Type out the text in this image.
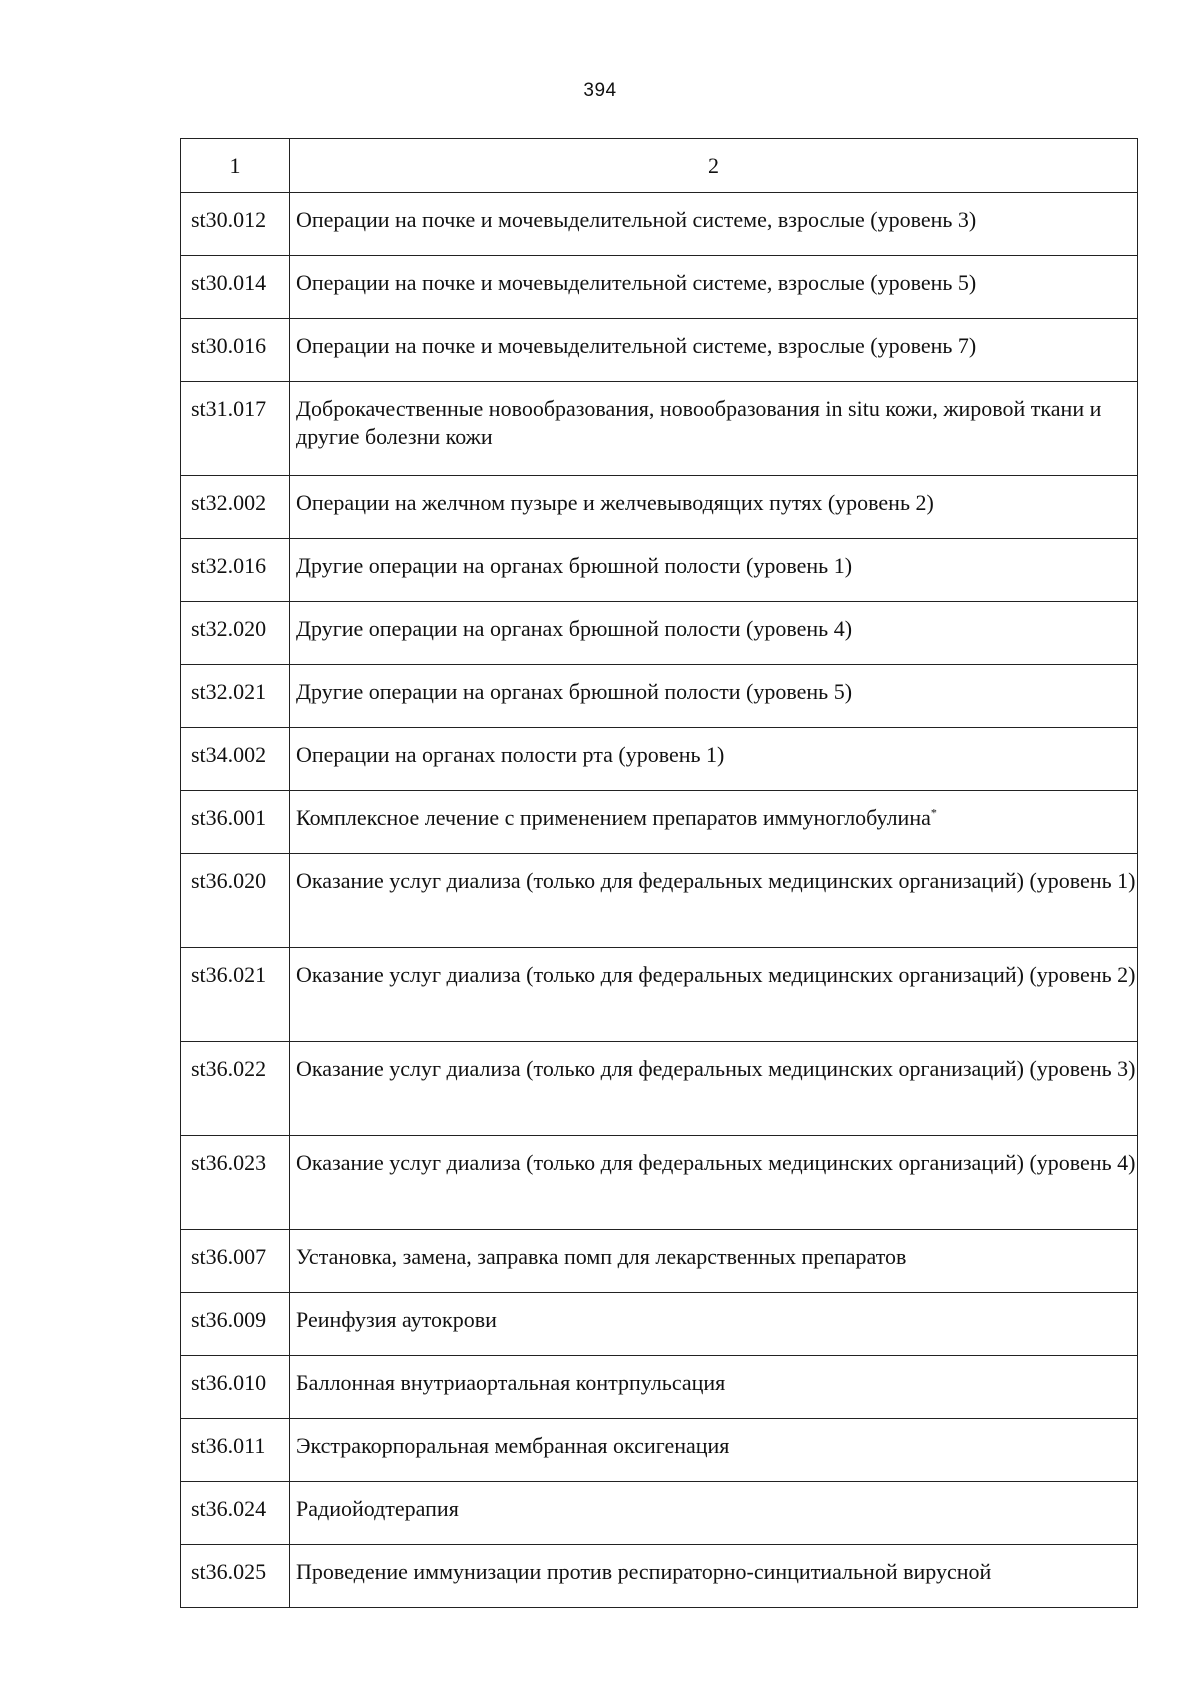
394
1	2
st30.012	Операции на почке и мочевыделительной системе, взрослые (уровень 3)
st30.014	Операции на почке и мочевыделительной системе, взрослые (уровень 5)
st30.016	Операции на почке и мочевыделительной системе, взрослые (уровень 7)
st31.017	Доброкачественные новообразования, новообразования in situ кожи, жировой ткани и другие болезни кожи
st32.002	Операции на желчном пузыре и желчевыводящих путях (уровень 2)
st32.016	Другие операции на органах брюшной полости (уровень 1)
st32.020	Другие операции на органах брюшной полости (уровень 4)
st32.021	Другие операции на органах брюшной полости (уровень 5)
st34.002	Операции на органах полости рта (уровень 1)
st36.001	Комплексное лечение с применением препаратов иммуноглобулина*
st36.020	Оказание услуг диализа (только для федеральных медицинских организаций) (уровень 1)
st36.021	Оказание услуг диализа (только для федеральных медицинских организаций) (уровень 2)
st36.022	Оказание услуг диализа (только для федеральных медицинских организаций) (уровень 3)
st36.023	Оказание услуг диализа (только для федеральных медицинских организаций) (уровень 4)
st36.007	Установка, замена, заправка помп для лекарственных препаратов
st36.009	Реинфузия аутокрови
st36.010	Баллонная внутриаортальная контрпульсация
st36.011	Экстракорпоральная мембранная оксигенация
st36.024	Радиойодтерапия
st36.025	Проведение иммунизации против респираторно-синцитиальной вирусной
